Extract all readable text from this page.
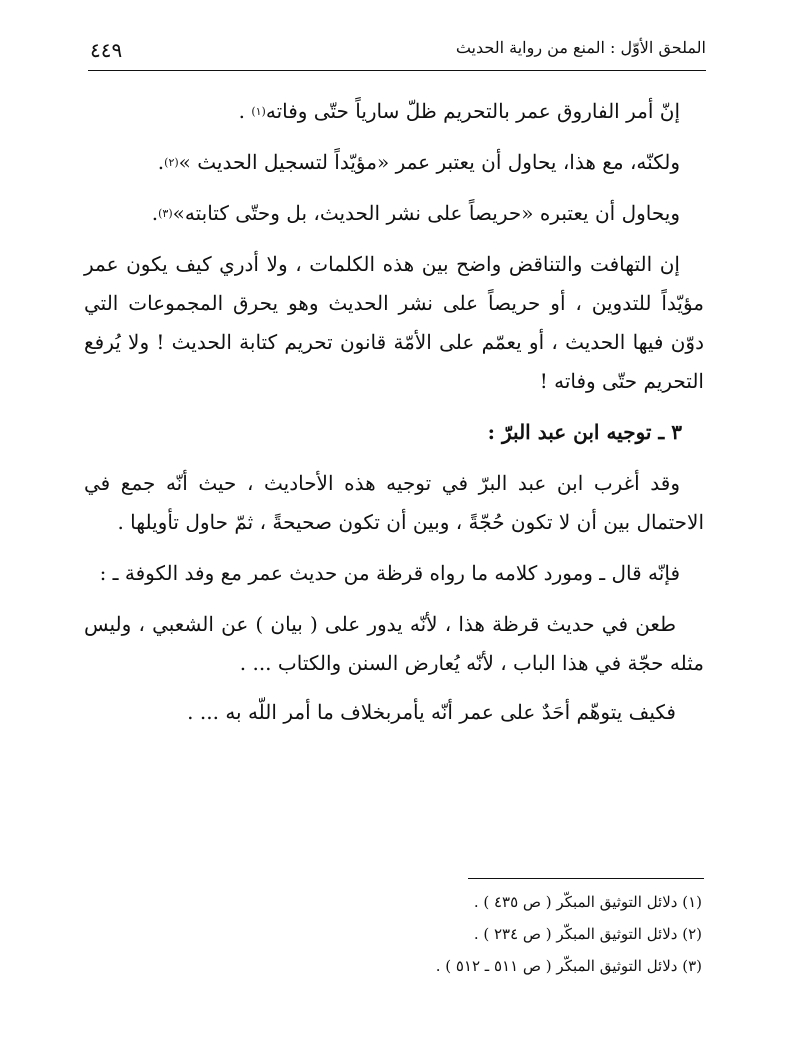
٤٤٩	الملحق الأوّل : المنع من رواية الحديث

إنّ أمر الفاروق عمر بالتحريم ظلّ سارياً حتّى وفاته$^{(١)}$ .

ولكنّه، مع هذا، يحاول أن يعتبر عمر «مؤيّداً لتسجيل الحديث »$^{(٢)}$.

ويحاول أن يعتبره «حريصاً على نشر الحديث، بل وحتّى كتابته»$^{(٣)}$.

إن التهافت والتناقض واضح بين هذه الكلمات ، ولا أدري كيف يكون عمر مؤيّداً للتدوين ، أو حريصاً على نشر الحديث وهو يحرق المجموعات التي دوّن فيها الحديث ، أو يعمّم على الأمّة قانون تحريم كتابة الحديث ! ولا يُرفع التحريم حتّى وفاته !

٣ ـ توجيه ابن عبد البرّ :

وقد أغرب ابن عبد البرّ في توجيه هذه الأحاديث ، حيث أنّه جمع في الاحتمال بين أن لا تكون حُجّةً ، وبين أن تكون صحيحةً ، ثمّ حاول تأويلها .

فإنّه قال ـ ومورد كلامه ما رواه قرظة من حديث عمر مع وفد الكوفة ـ :

طعن في حديث قرظة هذا ، لأنّه يدور على ( بيان ) عن الشعبي ، وليس مثله حجّة في هذا الباب ، لأنّه يُعارض السنن والكتاب ... .

فكيف يتوهّم أحَدٌ على عمر أنّه يأمربخلاف ما أمر اللّه به ... .

(١) دلائل التوثيق المبكّر ( ص ٤٣٥ ) .

(٢) دلائل التوثيق المبكّر ( ص ٢٣٤ ) .

(٣) دلائل التوثيق المبكّر ( ص ٥١١ ـ ٥١٢ ) .
